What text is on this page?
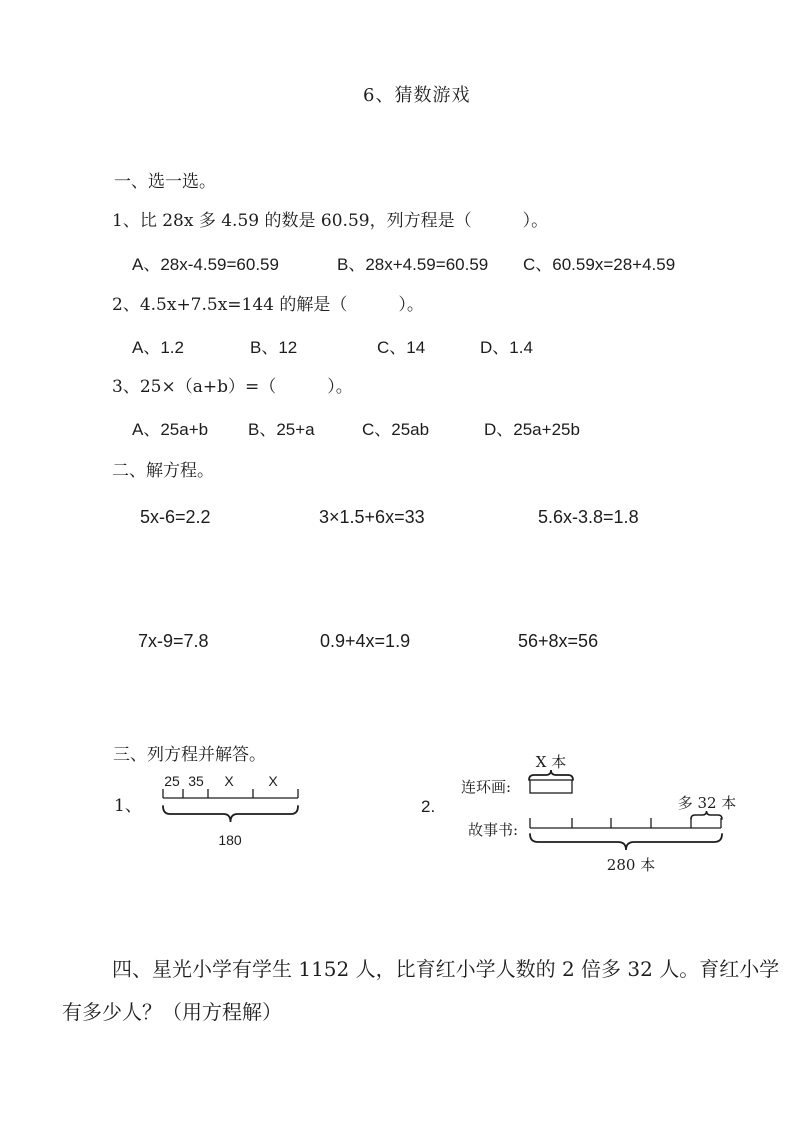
6、猜数游戏
一、选一选。
1、比 28x 多 4.59 的数是 60.59，列方程是（　　　）。
A、28x-4.59=60.59	B、28x+4.59=60.59 C、60.59x=28+4.59
2、4.5x+7.5x=144 的解是（　　　）。
A、1.2	B、12	C、14	D、1.4
3、25×（a+b）=（　　　）。
A、25a+b B、25+a	C、25ab	D、25a+25b
二、解方程。
5x-6=2.2	3×1.5+6x=33	5.6x-3.8=1.8
7x-9=7.8	0.9+4x=1.9	56+8x=56
三、列方程并解答。
1、
25 35 X X
180
2.
X 本
连环画:
多 32 本
故事书:
280 本
四、星光小学有学生 1152 人，比育红小学人数的 2 倍多 32 人。育红小学
有多少人？（用方程解）
